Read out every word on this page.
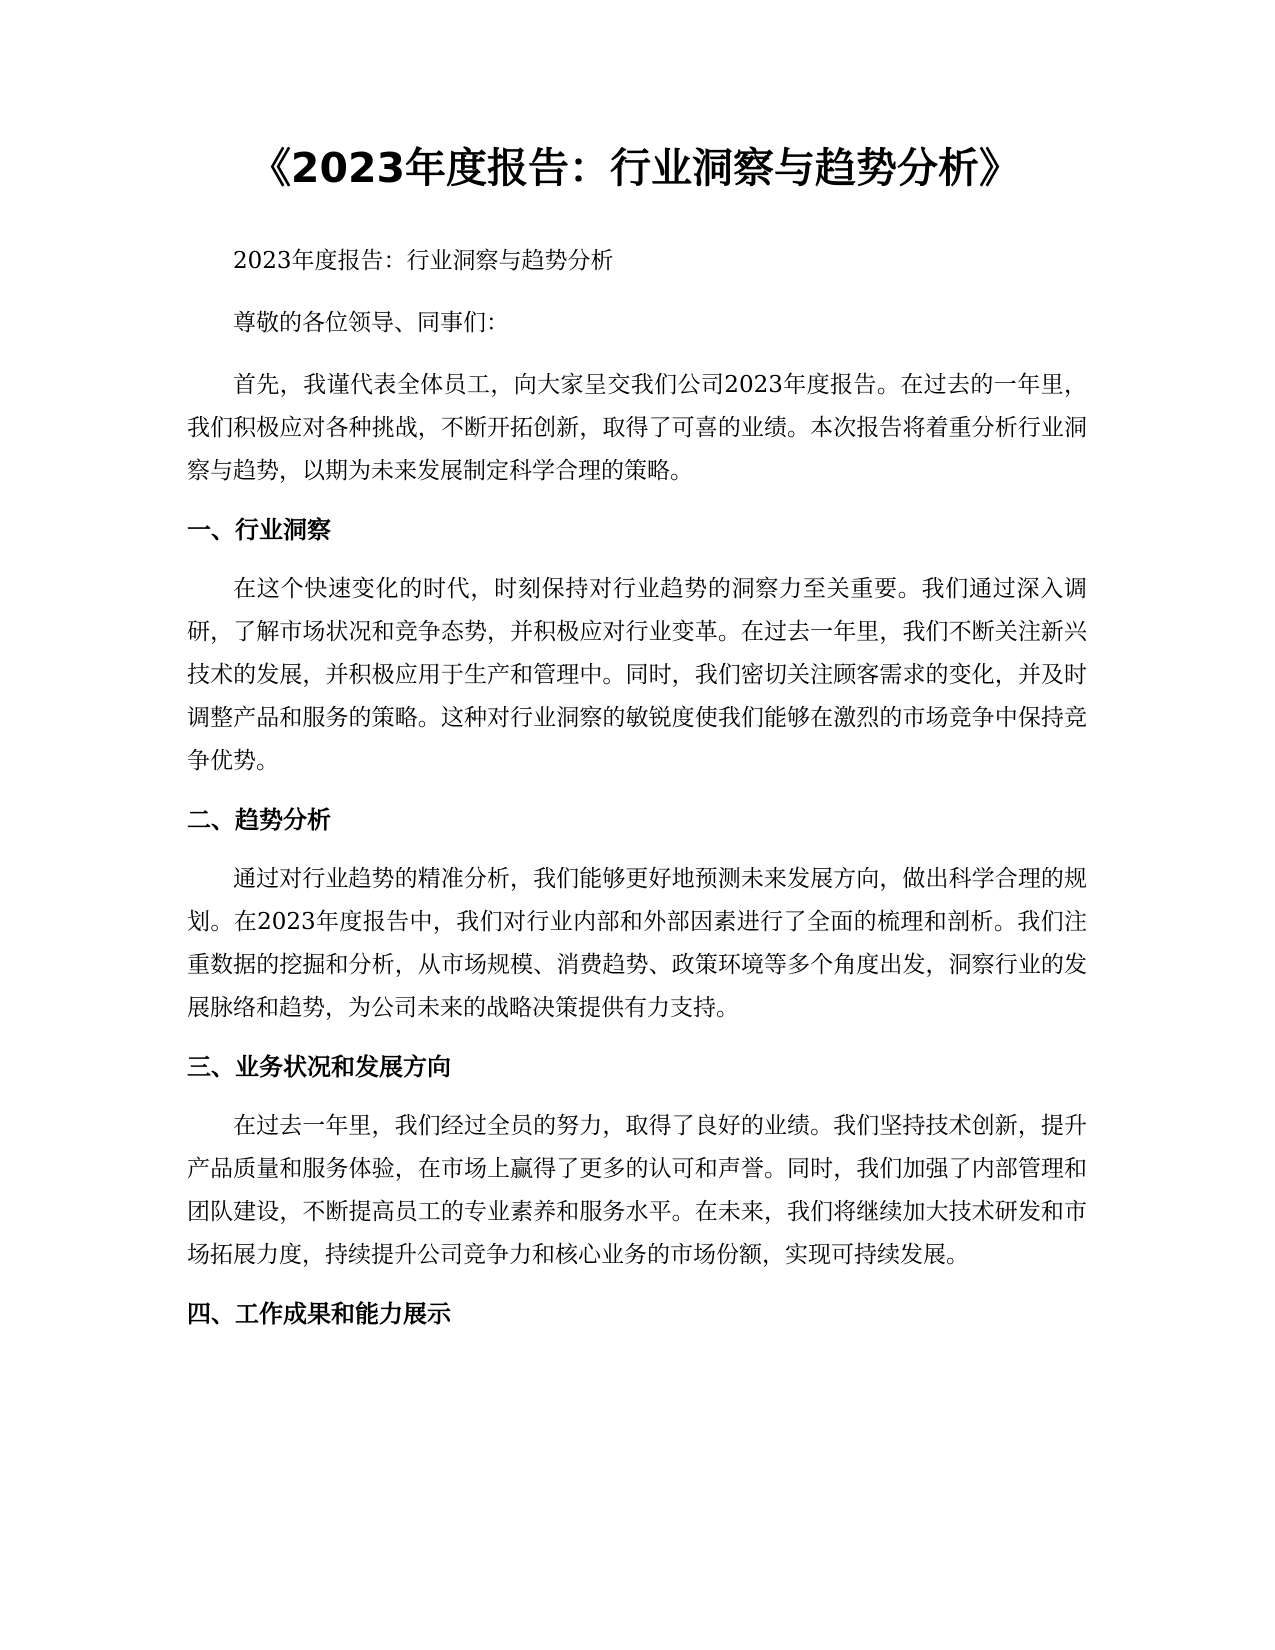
《2023年度报告：行业洞察与趋势分析》

2023年度报告：行业洞察与趋势分析

尊敬的各位领导、同事们：

首先，我谨代表全体员工，向大家呈交我们公司2023年度报告。在过去的一年里，我们积极应对各种挑战，不断开拓创新，取得了可喜的业绩。本次报告将着重分析行业洞察与趋势，以期为未来发展制定科学合理的策略。

一、行业洞察

在这个快速变化的时代，时刻保持对行业趋势的洞察力至关重要。我们通过深入调研，了解市场状况和竞争态势，并积极应对行业变革。在过去一年里，我们不断关注新兴技术的发展，并积极应用于生产和管理中。同时，我们密切关注顾客需求的变化，并及时调整产品和服务的策略。这种对行业洞察的敏锐度使我们能够在激烈的市场竞争中保持竞争优势。

二、趋势分析

通过对行业趋势的精准分析，我们能够更好地预测未来发展方向，做出科学合理的规划。在2023年度报告中，我们对行业内部和外部因素进行了全面的梳理和剖析。我们注重数据的挖掘和分析，从市场规模、消费趋势、政策环境等多个角度出发，洞察行业的发展脉络和趋势，为公司未来的战略决策提供有力支持。

三、业务状况和发展方向

在过去一年里，我们经过全员的努力，取得了良好的业绩。我们坚持技术创新，提升产品质量和服务体验，在市场上赢得了更多的认可和声誉。同时，我们加强了内部管理和团队建设，不断提高员工的专业素养和服务水平。在未来，我们将继续加大技术研发和市场拓展力度，持续提升公司竞争力和核心业务的市场份额，实现可持续发展。

四、工作成果和能力展示
